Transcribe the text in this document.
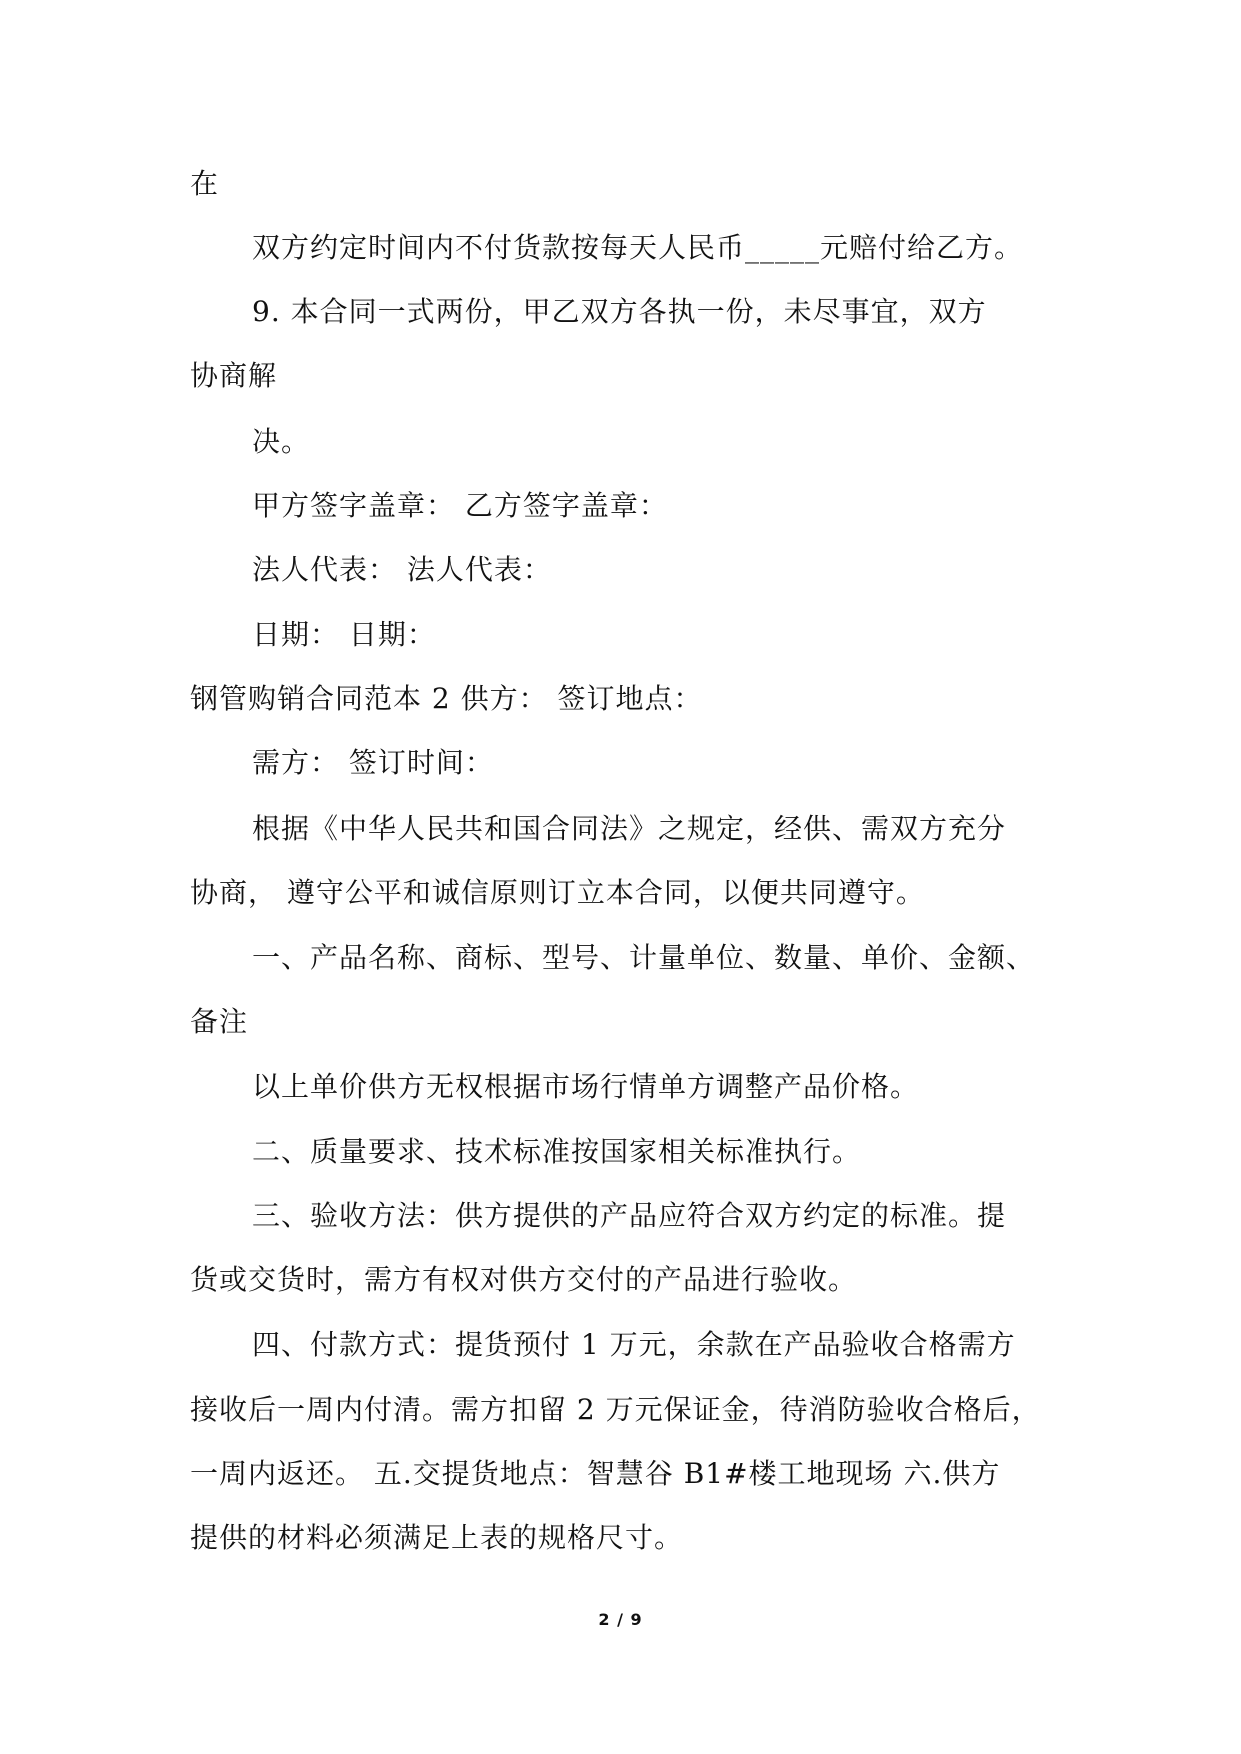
在
双方约定时间内不付货款按每天人民币_____元赔付给乙方。
9. 本合同一式两份，甲乙双方各执一份，未尽事宜，双方
协商解
决。
甲方签字盖章： 乙方签字盖章：
法人代表： 法人代表：
日期： 日期：
钢管购销合同范本 2 供方： 签订地点：
需方： 签订时间：
根据《中华人民共和国合同法》之规定，经供、需双方充分
协商， 遵守公平和诚信原则订立本合同，以便共同遵守。
一、产品名称、商标、型号、计量单位、数量、单价、金额、
备注
以上单价供方无权根据市场行情单方调整产品价格。
二、质量要求、技术标准按国家相关标准执行。
三、验收方法：供方提供的产品应符合双方约定的标准。提
货或交货时，需方有权对供方交付的产品进行验收。
四、付款方式：提货预付 1 万元，余款在产品验收合格需方
接收后一周内付清。需方扣留 2 万元保证金，待消防验收合格后，
一周内返还。 五.交提货地点：智慧谷 B1#楼工地现场 六.供方
提供的材料必须满足上表的规格尺寸。
2 / 9
